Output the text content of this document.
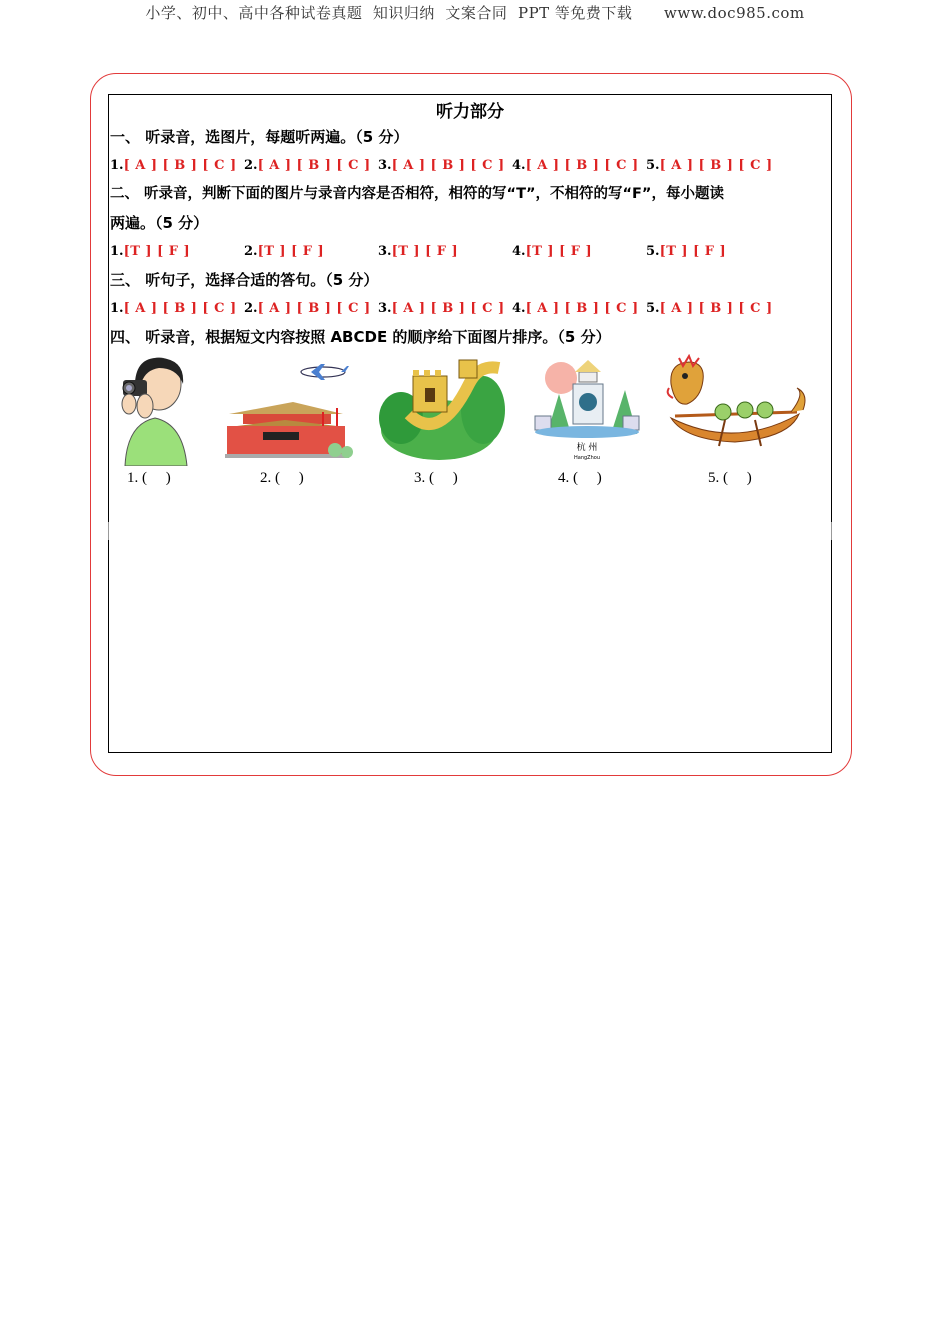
小学、初中、高中各种试卷真题  知识归纳  文案合同  PPT 等免费下载      www.doc985.com
听力部分
一、 听录音，选图片，每题听两遍。（5 分）
1.[ A ] [ B ] [ C ] 2.[ A ] [ B ] [ C ] 3.[ A ] [ B ] [ C ] 4.[ A ] [ B ] [ C ] 5.[ A ] [ B ] [ C ]
二、 听录音，判断下面的图片与录音内容是否相符，相符的写“T”，不相符的写“F”，每小题读
两遍。（5 分）
1.[T ] [ F ]	2.[T ] [ F ]	3.[T ] [ F ]	4.[T ] [ F ]	5.[T ] [ F ]
三、 听句子，选择合适的答句。（5 分）
1.[ A ] [ B ] [ C ] 2.[ A ] [ B ] [ C ] 3.[ A ] [ B ] [ C ] 4.[ A ] [ B ] [ C ] 5.[ A ] [ B ] [ C ]
四、 听录音，根据短文内容按照 ABCDE 的顺序给下面图片排序。（5 分）
1. (     )	2. (     )	3. (     )
杭 州
HangZhou
4. (     )	5. (     )
